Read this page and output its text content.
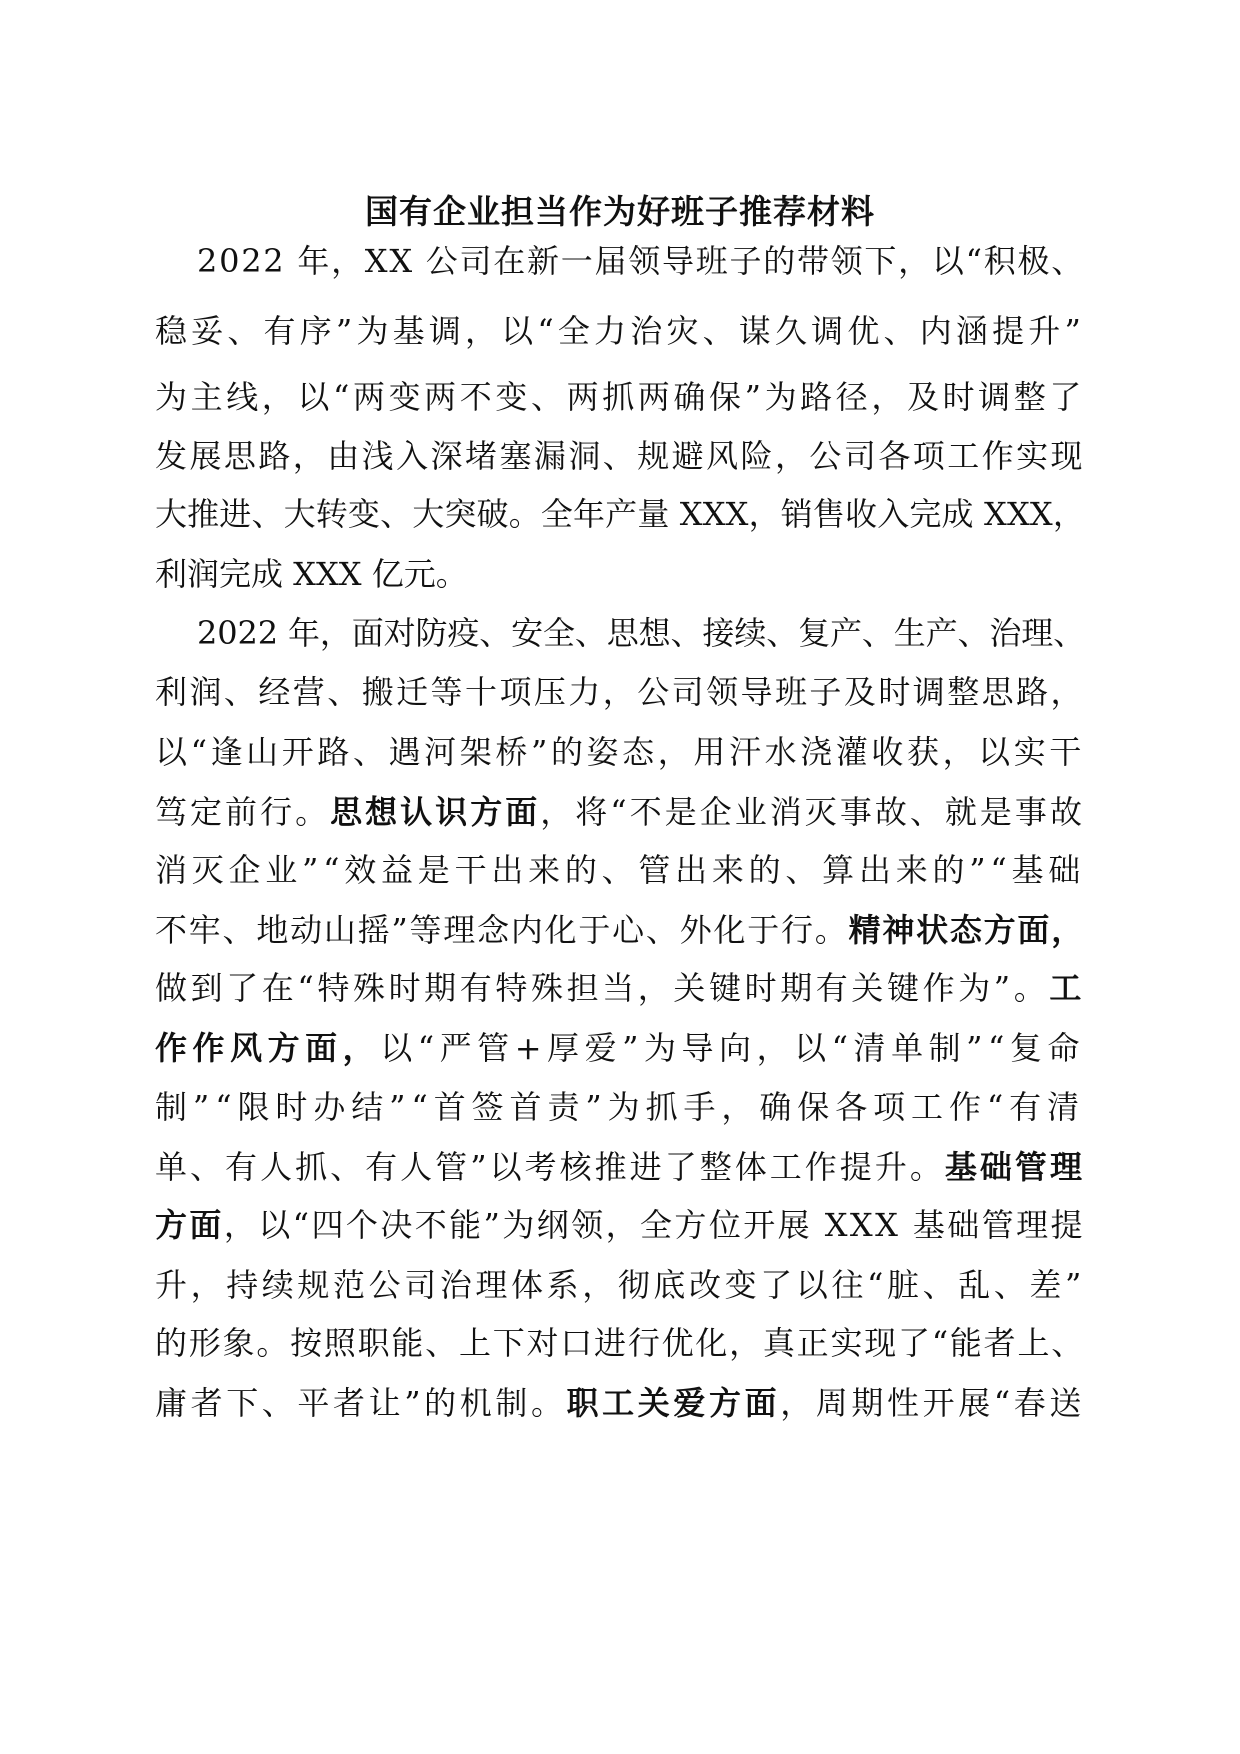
国有企业担当作为好班子推荐材料
2022 年，XX 公司在新一届领导班子的带领下，以“积极、
稳妥、有序”为基调，以“全力治灾、谋久调优、内涵提升”
为主线，以“两变两不变、两抓两确保”为路径，及时调整了
发展思路，由浅入深堵塞漏洞、规避风险，公司各项工作实现
大推进、大转变、大突破。全年产量 XXX，销售收入完成 XXX，
利润完成 XXX 亿元。
2022 年，面对防疫、安全、思想、接续、复产、生产、治理、
利润、经营、搬迁等十项压力，公司领导班子及时调整思路，
以“逢山开路、遇河架桥”的姿态，用汗水浇灌收获，以实干
笃定前行。思想认识方面，将“不是企业消灭事故、就是事故
消灭企业”“效益是干出来的、管出来的、算出来的”“基础
不牢、地动山摇”等理念内化于心、外化于行。精神状态方面，
做到了在“特殊时期有特殊担当，关键时期有关键作为”。工
作作风方面，以“严管+厚爱”为导向，以“清单制”“复命
制”“限时办结”“首签首责”为抓手，确保各项工作“有清
单、有人抓、有人管”以考核推进了整体工作提升。基础管理
方面，以“四个决不能”为纲领，全方位开展 XXX 基础管理提
升，持续规范公司治理体系，彻底改变了以往“脏、乱、差”
的形象。按照职能、上下对口进行优化，真正实现了“能者上、
庸者下、平者让”的机制。职工关爱方面，周期性开展“春送
